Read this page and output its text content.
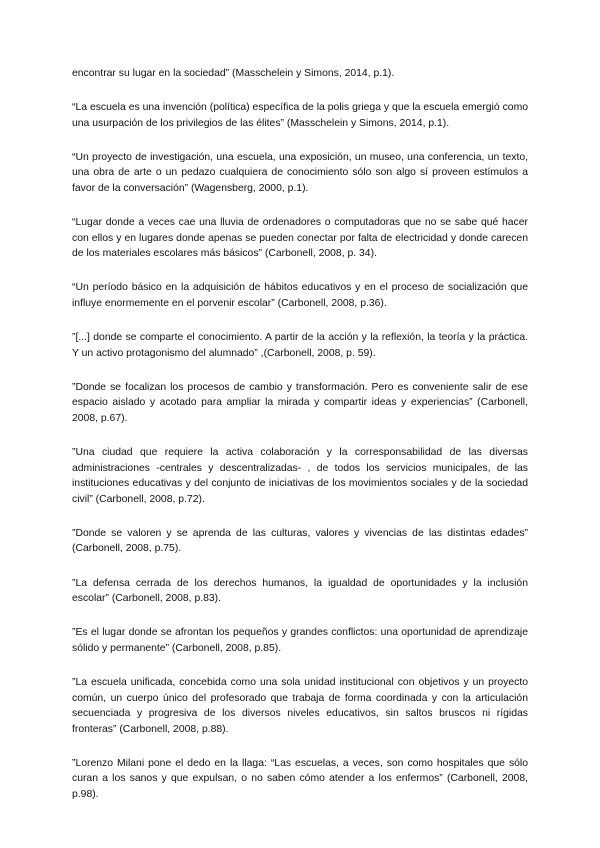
encontrar su lugar en la sociedad” (Masschelein y Simons, 2014, p.1).

“La escuela es una invención (política) específica de la polis griega y que la escuela emergió como una usurpación de los privilegios de las élites” (Masschelein y Simons, 2014, p.1).

“Un proyecto de investigación, una escuela, una exposición, un museo, una conferencia, un texto, una obra de arte o un pedazo cualquiera de conocimiento sólo son algo sí proveen estímulos a favor de la conversación” (Wagensberg, 2000, p.1).

“Lugar donde a veces cae una lluvia de ordenadores o computadoras que no se sabe qué hacer con ellos y en lugares donde apenas se pueden conectar por falta de electricidad y donde carecen de los materiales escolares más básicos” (Carbonell, 2008, p. 34).

“Un período básico en la adquisición de hábitos educativos y en el proceso de socialización que influye enormemente en el porvenir escolar” (Carbonell, 2008, p.36).

”[...] donde se comparte el conocimiento. A partir de la acción y la reflexión, la teoría y la práctica. Y un activo protagonismo del alumnado” ,(Carbonell, 2008, p. 59).

”Donde se focalizan los procesos de cambio y transformación. Pero es conveniente salir de ese espacio aislado y acotado para ampliar la mirada y compartir ideas y experiencias” (Carbonell, 2008, p.67).

”Una ciudad que requiere la activa colaboración y la corresponsabilidad de las diversas administraciones -centrales y descentralizadas- , de todos los servicios municipales, de las instituciones educativas y del conjunto de iniciativas de los movimientos sociales y de la sociedad civil” (Carbonell, 2008, p.72).

”Donde se valoren y se aprenda de las culturas, valores y vivencias de las distintas edades” (Carbonell, 2008, p.75).

”La defensa cerrada de los derechos humanos, la igualdad de oportunidades y la inclusión escolar” (Carbonell, 2008, p.83).

”Es el lugar donde se afrontan los pequeños y grandes conflictos: una oportunidad de aprendizaje sólido y permanente” (Carbonell, 2008, p.85).

”La escuela unificada, concebida como una sola unidad institucional con objetivos y un proyecto común, un cuerpo único del profesorado que trabaja de forma coordinada y con la articulación secuenciada y progresiva de los diversos niveles educativos, sin saltos bruscos ni rígidas fronteras” (Carbonell, 2008, p.88).

”Lorenzo Milani pone el dedo en la llaga: “Las escuelas, a veces, son como hospitales que sólo curan a los sanos y que expulsan, o no saben cómo atender a los enfermos” (Carbonell, 2008, p.98).
